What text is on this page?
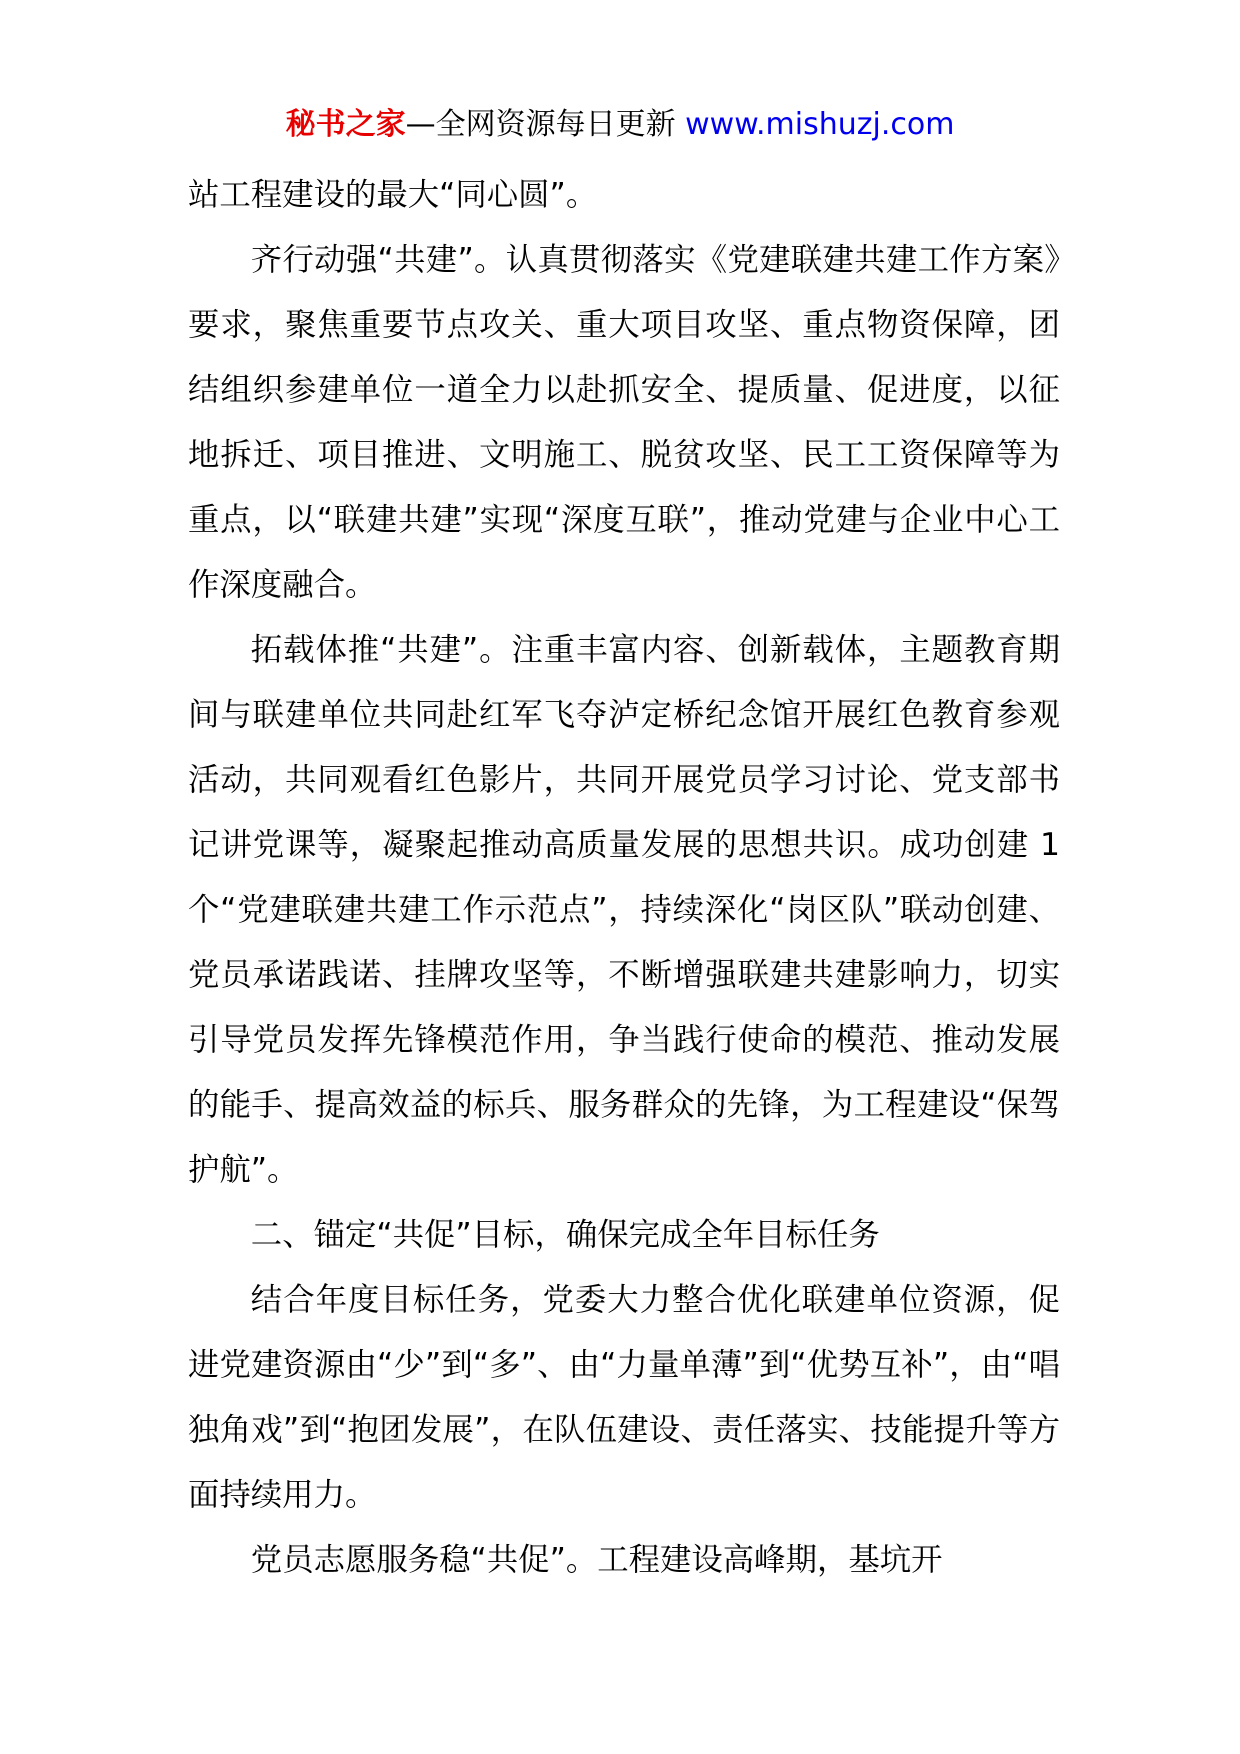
秘书之家—全网资源每日更新 www.mishuzj.com

站工程建设的最大“同心圆”。

齐行动强“共建”。认真贯彻落实《党建联建共建工作方案》要求，聚焦重要节点攻关、重大项目攻坚、重点物资保障，团结组织参建单位一道全力以赴抓安全、提质量、促进度，以征地拆迁、项目推进、文明施工、脱贫攻坚、民工工资保障等为重点，以“联建共建”实现“深度互联”，推动党建与企业中心工作深度融合。

拓载体推“共建”。注重丰富内容、创新载体，主题教育期间与联建单位共同赴红军飞夺泸定桥纪念馆开展红色教育参观活动，共同观看红色影片，共同开展党员学习讨论、党支部书记讲党课等，凝聚起推动高质量发展的思想共识。成功创建 1 个“党建联建共建工作示范点”，持续深化“岗区队”联动创建、党员承诺践诺、挂牌攻坚等，不断增强联建共建影响力，切实引导党员发挥先锋模范作用，争当践行使命的模范、推动发展的能手、提高效益的标兵、服务群众的先锋，为工程建设“保驾护航”。

二、锚定“共促”目标，确保完成全年目标任务

结合年度目标任务，党委大力整合优化联建单位资源，促进党建资源由“少”到“多”、由“力量单薄”到“优势互补”，由“唱独角戏”到“抱团发展”，在队伍建设、责任落实、技能提升等方面持续用力。

党员志愿服务稳“共促”。工程建设高峰期，基坑开
